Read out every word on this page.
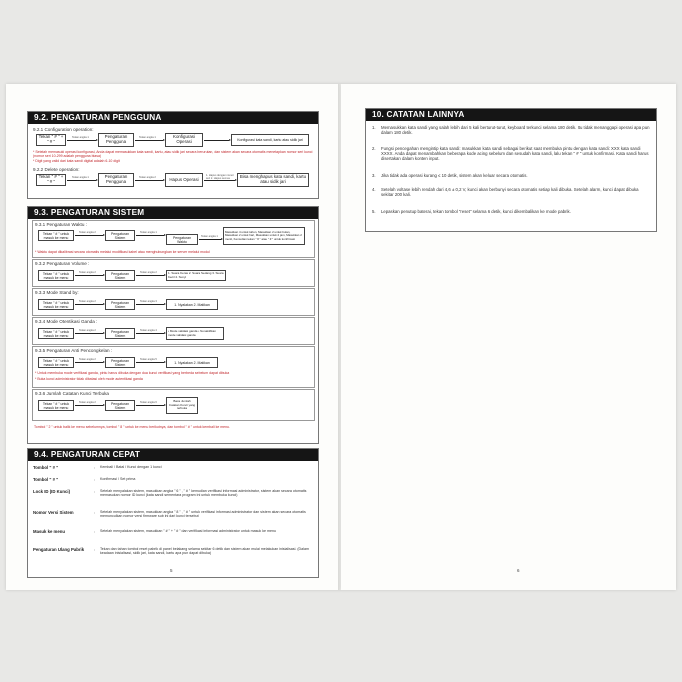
9.2. PENGATURAN PENGGUNA
9.2.1 Configuration operation:
Tekan " # " + " # "
Tekan angka 1	Pengaturan Pengguna
Tekan angka 1	Konfigurasi Operasi	Konfigurasi kata sandi, kartu atau sidik jari
* Setelah memasuki operasi konfigurasi, Anda dapat memasukkan kata sandi, kartu, atau sidik jari secara berurutan, dan sistem akan secara otomatis menetapkan nomor seri kunci (nomor seri 10-299 adalah pengguna biasa)
* Digit yang valid dari kata sandi digital adalah 6-10 digit
9.2.2 Delete operation:
Tekan " # " + " # "
Tekan angka 1	Pengaturan Pengguna
Tekan angka 2	Hapus Operasi
1. Hapus dengan nomor seri 2. Hapus semua	Bisa menghapus kata sandi, kartu atau sidik jari
9.3. PENGATURAN SISTEM
9.3.1 Pengaturan Waktu :
Tekan " # " untuk masuk ke menu
Tekan angka 2	Pengaturan Sistem
Tekan angka 1
Pengaturan Waktu
Tekan angka 1
Masukkan 4 untuk tahun, Masukkan 2 untuk bulan, Masukkan 2 untuk hari, Masukkan untuk 2 jam, Masukkan 2 menit, Kemudian tekan " # " atau " # " untuk konfirmasi
* Waktu dapat dikalibrasi secara otomatis melalui modifikasi kabel atau menghubungkan ke server melalui modul
9.3.2 Pengaturan Volume :
Tekan " # " untuk masuk ke menu
Tekan angka 2	Pengaturan Sistem
Tekan angka 2	1. Suara Keras 2. Suara Sedang 3. Suara Kecil 4. Sunyi
9.3.3 Mode Stand by:
Tekan " # " untuk masuk ke menu
Tekan angka 2	Pengaturan Sistem
Tekan angka 3
1. Nyalakan 2. Matikan
9.3.4 Mode Otentikasi Ganda :
Tekan " # " untuk masuk ke menu
Tekan angka 2	Pengaturan Sistem
Tekan angka 4	• Mode validasi ganda • Nonaktifkan mode validasi ganda
9.3.5 Pengaturan Anti Pencongkelan :
Tekan " # " untuk masuk ke menu
Tekan angka 2	Pengaturan Sistem
Tekan angka 5
1. Nyalakan 2. Matikan
* Untuk membuka mode verifikasi ganda, pintu harus dibuka dengan dua kunci verifikasi yang berbeda sebelum dapat dibuka
* Buka kunci administrator tidak dibatasi oleh mode autentikasi ganda
9.3.6 Jumlah Catatan Kunci Terbuka
Tekan " # " untuk masuk ke menu
Tekan angka 2	Pengaturan Sistem
Tekan angka 6	Baca Jumlah Catatan Kunci yang terbuka
Tombol " 2 " untuk balik ke menu sebelumnya, tombol " 8 " untuk ke menu berikutnya, dan tombol " # " untuk kembali ke menu.
9.4. PENGATURAN CEPAT
Tombol " # "	: Kembali / Batal / Kunci dengan 1 kunci
Tombol " # "	: Konfirmasi / Set prima
Lock ID (ID Kunci)	: Setelah menyalakan sistem, masukkan angka " 6 " , " # " kemudian verifikasi informasi administrator, sistem akan secara otomatis memasukan nomor ID kunci (kata sandi sementara program ini untuk membuka kunci)
Nomor Versi Sistem	: Setelah menyalakan sistem, masukkan angka " 8 " , " # " untuk verifikasi informasi administrator dan sistem akan secara otomatis memunculkan nomor versi firmware sub ini dari kunci tersebut
Masuk ke menu	: Setelah menyalakan sistem, masukkan " # " + " # " dan verifikasi informasi administrator untuk masuk ke menu
Pengaturan Ulang Pabrik : Tekan dan tahan tombol reset pabrik di panel belakang selama sekitar 6 detik dan sistem akan mulai melakukan inisialisasi. (Dalam keadaan inisialisasi, sidik jari, kata sandi, kartu apa pun dapat dibuka)
5
10. CATATAN LAINNYA
1. Memasukkan kata sandi yang salah lebih dari 5 kali berturut-turut, keyboard terkunci selama 180 detik. Itu tidak menanggapi operasi apa pun dalam 180 detik.
2. Fungsi pencegahan mengintip kata sandi: masukkan kata sandi sebagai berikut saat membuka pintu dengan kata sandi: XXX kata sandi XXXX. Anda dapat menambahkan beberapa kode acing sebelum dan sesudah kata sandi, lalu tekan " # " untuk konfirmasi. Kata sandi harus disertakan dalam konten input.
3. Jika tidak ada operasi kurang ≤ 10 detik, sistem akan keluar secara otomatis.
4. Setelah voltase lebih rendah dari 4,6 ± 0,2 V, kunci akan berbunyi secara otomatis setiap kali dibuka. Setelah alarm, kunci dapat dibuka sekitar 200 kali.
5. Lepaskan penutup baterai, tekan tombol "reset" selama 6 detik, kunci dikembalikan ke mode pabrik.
6
